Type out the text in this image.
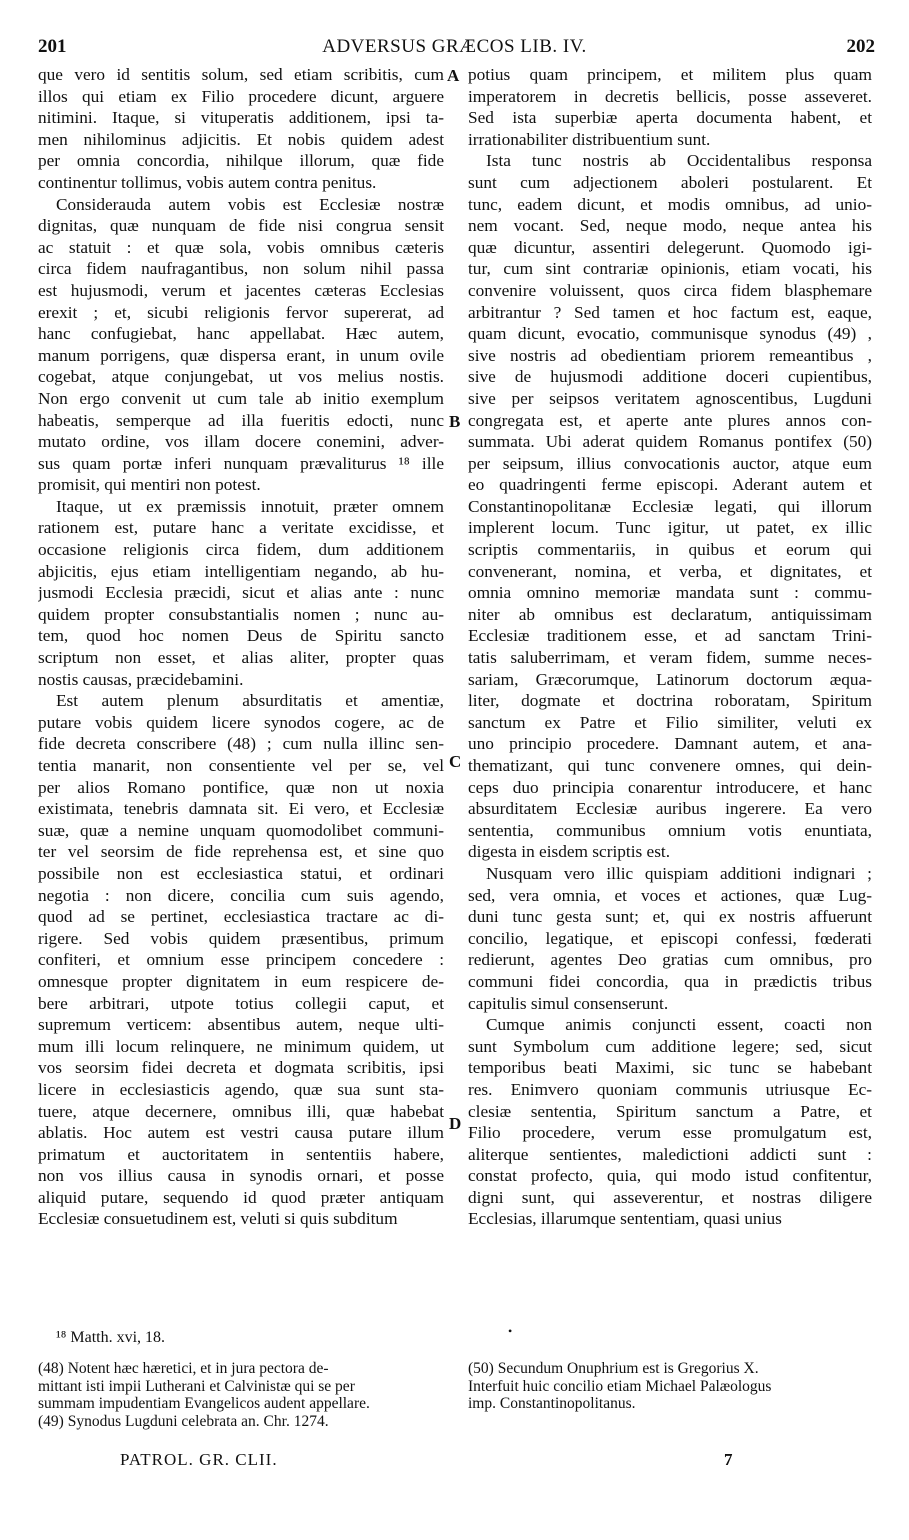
201	ADVERSUS GRÆCOS LIB. IV.	202
A
B
C
D
que vero id sentitis solum, sed etiam scribitis, cum
illos qui etiam ex Filio procedere dicunt, arguere
nitimini. Itaque, si vituperatis additionem, ipsi ta-
men nihilominus adjicitis. Et nobis quidem adest
per omnia concordia, nihilque illorum, quæ fide
continentur tollimus, vobis autem contra penitus.
Considerauda autem vobis est Ecclesiæ nostræ
dignitas, quæ nunquam de fide nisi congrua sensit
ac statuit : et quæ sola, vobis omnibus cæteris
circa fidem naufragantibus, non solum nihil passa
est hujusmodi, verum et jacentes cæteras Ecclesias
erexit ; et, sicubi religionis fervor supererat, ad
hanc confugiebat, hanc appellabat. Hæc autem,
manum porrigens, quæ dispersa erant, in unum ovile
cogebat, atque conjungebat, ut vos melius nostis.
Non ergo convenit ut cum tale ab initio exemplum
habeatis, semperque ad illa fueritis edocti, nunc
mutato ordine, vos illam docere conemini, adver-
sus quam portæ inferi nunquam prævaliturus ¹⁸ ille
promisit, qui mentiri non potest.
Itaque, ut ex præmissis innotuit, præter omnem
rationem est, putare hanc a veritate excidisse, et
occasione religionis circa fidem, dum additionem
abjicitis, ejus etiam intelligentiam negando, ab hu-
jusmodi Ecclesia præcidi, sicut et alias ante : nunc
quidem propter consubstantialis nomen ; nunc au-
tem, quod hoc nomen Deus de Spiritu sancto
scriptum non esset, et alias aliter, propter quas
nostis causas, præcidebamini.
Est autem plenum absurditatis et amentiæ,
putare vobis quidem licere synodos cogere, ac de
fide decreta conscribere (48) ; cum nulla illinc sen-
tentia manarit, non consentiente vel per se, vel
per alios Romano pontifice, quæ non ut noxia
existimata, tenebris damnata sit. Ei vero, et Ecclesiæ
suæ, quæ a nemine unquam quomodolibet communi-
ter vel seorsim de fide reprehensa est, et sine quo
possibile non est ecclesiastica statui, et ordinari
negotia : non dicere, concilia cum suis agendo,
quod ad se pertinet, ecclesiastica tractare ac di-
rigere. Sed vobis quidem præsentibus, primum
confiteri, et omnium esse principem concedere :
omnesque propter dignitatem in eum respicere de-
bere arbitrari, utpote totius collegii caput, et
supremum verticem: absentibus autem, neque ulti-
mum illi locum relinquere, ne minimum quidem, ut
vos seorsim fidei decreta et dogmata scribitis, ipsi
licere in ecclesiasticis agendo, quæ sua sunt sta-
tuere, atque decernere, omnibus illi, quæ habebat
ablatis. Hoc autem est vestri causa putare illum
primatum et auctoritatem in sententiis habere,
non vos illius causa in synodis ornari, et posse
aliquid putare, sequendo id quod præter antiquam
Ecclesiæ consuetudinem est, veluti si quis subditum
potius quam principem, et militem plus quam
imperatorem in decretis bellicis, posse asseveret.
Sed ista superbiæ aperta documenta habent, et
irrationabiliter distribuentium sunt.
Ista tunc nostris ab Occidentalibus responsa
sunt cum adjectionem aboleri postularent. Et
tunc, eadem dicunt, et modis omnibus, ad unio-
nem vocant. Sed, neque modo, neque antea his
quæ dicuntur, assentiri delegerunt. Quomodo igi-
tur, cum sint contrariæ opinionis, etiam vocati, his
convenire voluissent, quos circa fidem blasphemare
arbitrantur ? Sed tamen et hoc factum est, eaque,
quam dicunt, evocatio, communisque synodus (49) ,
sive nostris ad obedientiam priorem remeantibus ,
sive de hujusmodi additione doceri cupientibus,
sive per seipsos veritatem agnoscentibus, Lugduni
congregata est, et aperte ante plures annos con-
summata. Ubi aderat quidem Romanus pontifex (50)
per seipsum, illius convocationis auctor, atque eum
eo quadringenti ferme episcopi. Aderant autem et
Constantinopolitanæ Ecclesiæ legati, qui illorum
implerent locum. Tunc igitur, ut patet, ex illic
scriptis commentariis, in quibus et eorum qui
convenerant, nomina, et verba, et dignitates, et
omnia omnino memoriæ mandata sunt : commu-
niter ab omnibus est declaratum, antiquissimam
Ecclesiæ traditionem esse, et ad sanctam Trini-
tatis saluberrimam, et veram fidem, summe neces-
sariam, Græcorumque, Latinorum doctorum æqua-
liter, dogmate et doctrina roboratam, Spiritum
sanctum ex Patre et Filio similiter, veluti ex
uno principio procedere. Damnant autem, et ana-
thematizant, qui tunc convenere omnes, qui dein-
ceps duo principia conarentur introducere, et hanc
absurditatem Ecclesiæ auribus ingerere. Ea vero
sententia, communibus omnium votis enuntiata,
digesta in eisdem scriptis est.
Nusquam vero illic quispiam additioni indignari ;
sed, vera omnia, et voces et actiones, quæ Lug-
duni tunc gesta sunt; et, qui ex nostris affuerunt
concilio, legatique, et episcopi confessi, fœderati
redierunt, agentes Deo gratias cum omnibus, pro
communi fidei concordia, qua in prædictis tribus
capitulis simul consenserunt.
Cumque animis conjuncti essent, coacti non
sunt Symbolum cum additione legere; sed, sicut
temporibus beati Maximi, sic tunc se habebant
res. Enimvero quoniam communis utriusque Ec-
clesiæ sententia, Spiritum sanctum a Patre, et
Filio procedere, verum esse promulgatum est,
aliterque sentientes, maledictioni addicti sunt :
constat profecto, quia, qui modo istud confitentur,
digni sunt, qui asseverentur, et nostras diligere
Ecclesias, illarumque sententiam, quasi unius
¹⁸ Matth. xvi, 18.	•
(48) Notent hæc hæretici, et in jura pectora de-
mittant isti impii Lutherani et Calvinistæ qui se per
summam impudentiam Evangelicos audent appellare.
(49) Synodus Lugduni celebrata an. Chr. 1274.
(50) Secundum Onuphrium est is Gregorius X.
Interfuit huic concilio etiam Michael Palæologus
imp. Constantinopolitanus.
PATROL. GR. CLII.	7
